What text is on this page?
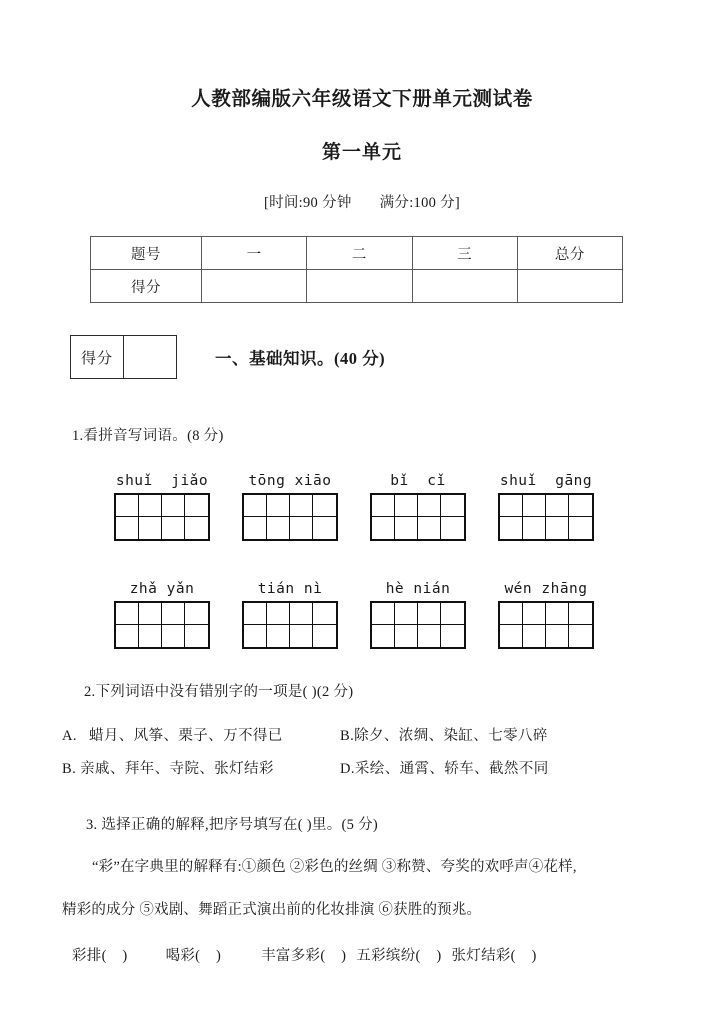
人教部编版六年级语文下册单元测试卷
第一单元

[时间:90 分钟 满分:100 分]

题号	一	二	三	总分
得分				
得分	一、基础知识。(40 分)
1.看拼音写词语。(8 分)
shuǐ  jiǎo	tōng xiāo	bǐ  cǐ	shuǐ  gāng
zhǎ yǎn	tián nì	hè nián	wén zhāng
2.下列词语中没有错别字的一项是( )(2 分)
A. 蜡月、风筝、栗子、万不得已	B.除夕、浓绸、染缸、七零八碎
B. 亲戚、拜年、寺院、张灯结彩	D.采绘、通霄、轿车、截然不同
3. 选择正确的解释,把序号填写在( )里。(5 分)
“彩”在字典里的解释有:①颜色 ②彩色的丝绸 ③称赞、夸奖的欢呼声④花样,
精彩的成分 ⑤戏剧、舞蹈正式演出前的化妆排演 ⑥获胜的预兆。
彩排(    )	喝彩(    )	丰富多彩(    ) 五彩缤纷(    ) 张灯结彩(    )
